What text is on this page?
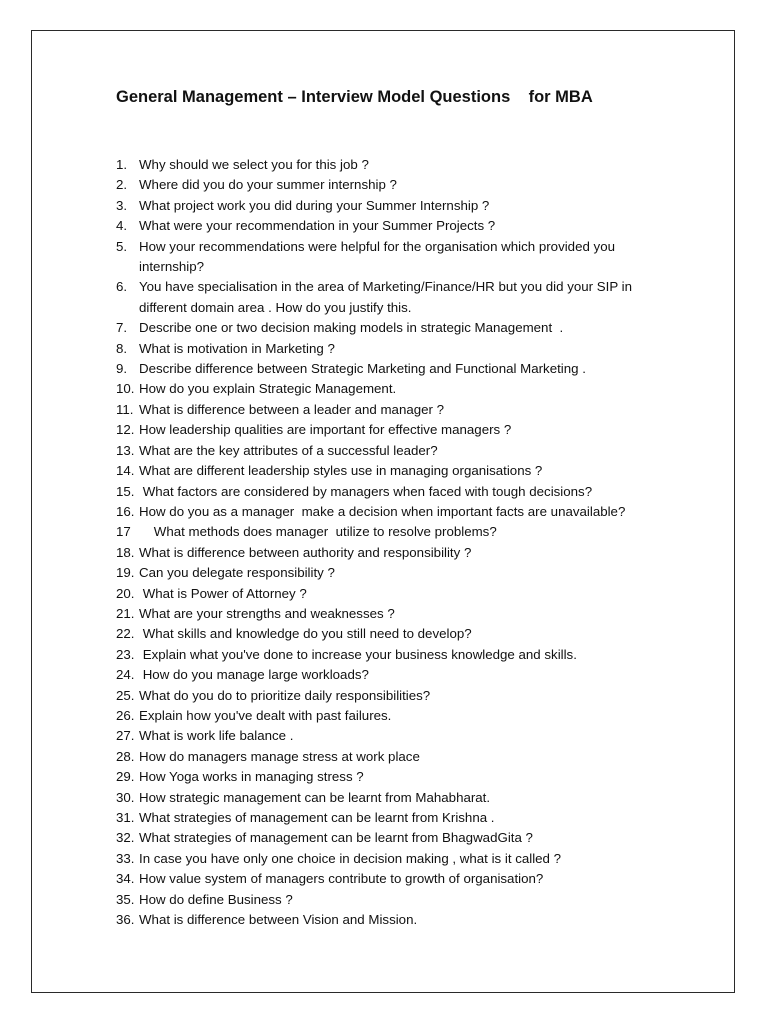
General Management – Interview Model Questions    for MBA
1. Why should we select you for this job ?
2. Where did you do your summer internship ?
3. What project work you did during your Summer Internship ?
4. What were your recommendation in your Summer Projects ?
5. How your recommendations were helpful for the organisation which provided you
internship?
6. You have specialisation in the area of Marketing/Finance/HR but you did your SIP in
different domain area . How do you justify this.
7. Describe one or two decision making models in strategic Management  .
8. What is motivation in Marketing ?
9. Describe difference between Strategic Marketing and Functional Marketing .
10. How do you explain Strategic Management.
11. What is difference between a leader and manager ?
12. How leadership qualities are important for effective managers ?
13. What are the key attributes of a successful leader?
14. What are different leadership styles use in managing organisations ?
15. What factors are considered by managers when faced with tough decisions?
16. How do you as a manager  make a decision when important facts are unavailable?
17 What methods does manager  utilize to resolve problems?
18. What is difference between authority and responsibility ?
19. Can you delegate responsibility ?
20. What is Power of Attorney ?
21. What are your strengths and weaknesses ?
22. What skills and knowledge do you still need to develop?
23. Explain what you've done to increase your business knowledge and skills.
24. How do you manage large workloads?
25. What do you do to prioritize daily responsibilities?
26. Explain how you've dealt with past failures.
27. What is work life balance .
28. How do managers manage stress at work place
29. How Yoga works in managing stress ?
30. How strategic management can be learnt from Mahabharat.
31. What strategies of management can be learnt from Krishna .
32. What strategies of management can be learnt from BhagwadGita ?
33. In case you have only one choice in decision making , what is it called ?
34. How value system of managers contribute to growth of organisation?
35. How do define Business ?
36. What is difference between Vision and Mission.
